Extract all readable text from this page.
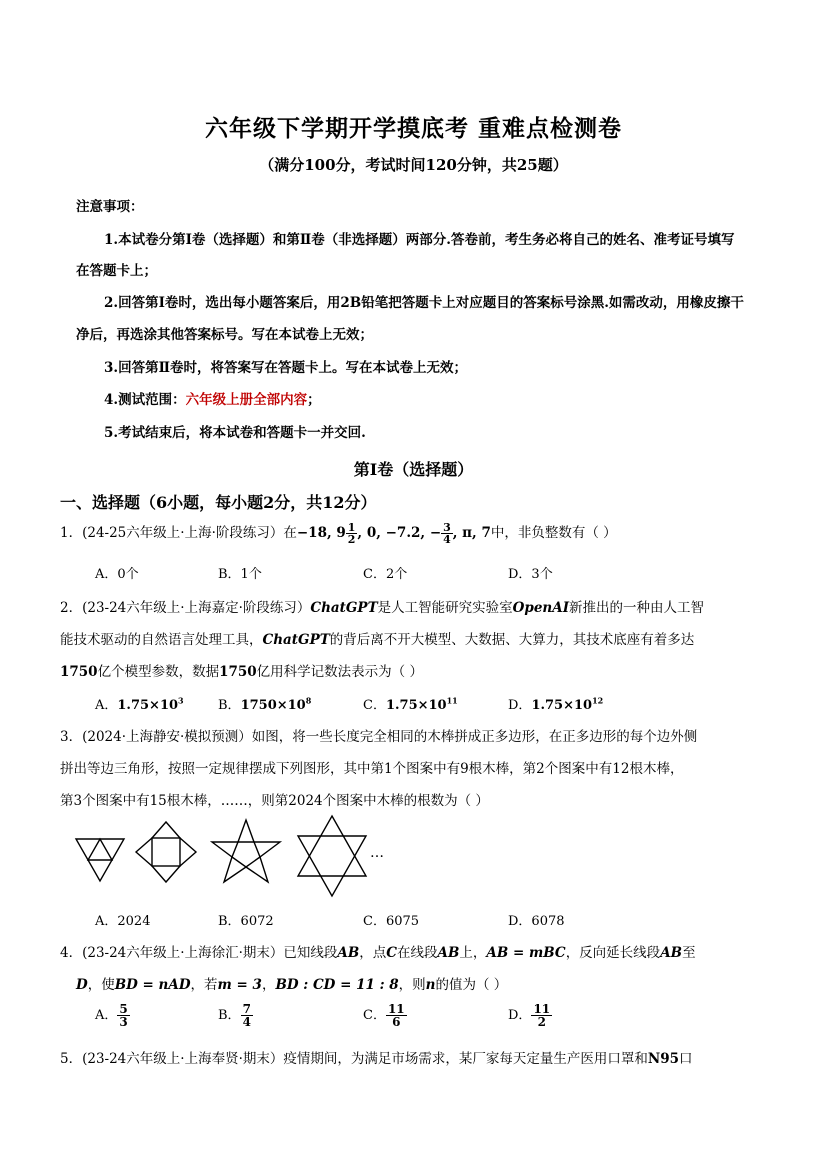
六年级下学期开学摸底考 重难点检测卷
（满分100分，考试时间120分钟，共25题）
注意事项：
1.本试卷分第Ⅰ卷（选择题）和第Ⅱ卷（非选择题）两部分.答卷前，考生务必将自己的姓名、准考证号填写
在答题卡上；
2.回答第Ⅰ卷时，选出每小题答案后，用2B铅笔把答题卡上对应题目的答案标号涂黑.如需改动，用橡皮擦干
净后，再选涂其他答案标号。写在本试卷上无效；
3.回答第Ⅱ卷时，将答案写在答题卡上。写在本试卷上无效；
4.测试范围：六年级上册全部内容；
5.考试结束后，将本试卷和答题卡一并交回.
第Ⅰ卷（选择题）
一、选择题（6小题，每小题2分，共12分）
1．(24-25六年级上·上海·阶段练习）在−18, $9 \frac{1}{2}$ , 0, −7.2, − $\frac{3}{4}$ , π, 7中，非负整数有（ ）
A．0个	B．1个	C．2个	D．3个
2．(23-24六年级上·上海嘉定·阶段练习）ChatGPT是人工智能研究实验室OpenAI新推出的一种由人工智
能技术驱动的自然语言处理工具，ChatGPT的背后离不开大模型、大数据、大算力，其技术底座有着多达
1750亿个模型参数，数据1750亿用科学记数法表示为（ ）
A．$1.75\times 10^3$	B．$1750\times 10^8$	C．$1.75\times 10^{11}$	D．$1.75\times 10^{12}$
3．(2024·上海静安·模拟预测）如图，将一些长度完全相同的木棒拼成正多边形，在正多边形的每个边外侧
拼出等边三角形，按照一定规律摆成下列图形，其中第1个图案中有9根木棒，第2个图案中有12根木棒，
第3个图案中有15根木棒，……，则第2024个图案中木棒的根数为（ ）
…
A．2024	B．6072	C．6075	D．6078
4．(23-24六年级上·上海徐汇·期末）已知线段AB，点C在线段AB上，AB = mBC，反向延长线段AB至
D，使BD = nAD，若m = 3，BD : CD = 11 : 8，则n的值为（ ）
A． $\frac{5}{3}$	B． $\frac{7}{4}$	C． $\frac{11}{6}$	D． $\frac{11}{2}$
5．(23-24六年级上·上海奉贤·期末）疫情期间，为满足市场需求，某厂家每天定量生产医用口罩和N95口
